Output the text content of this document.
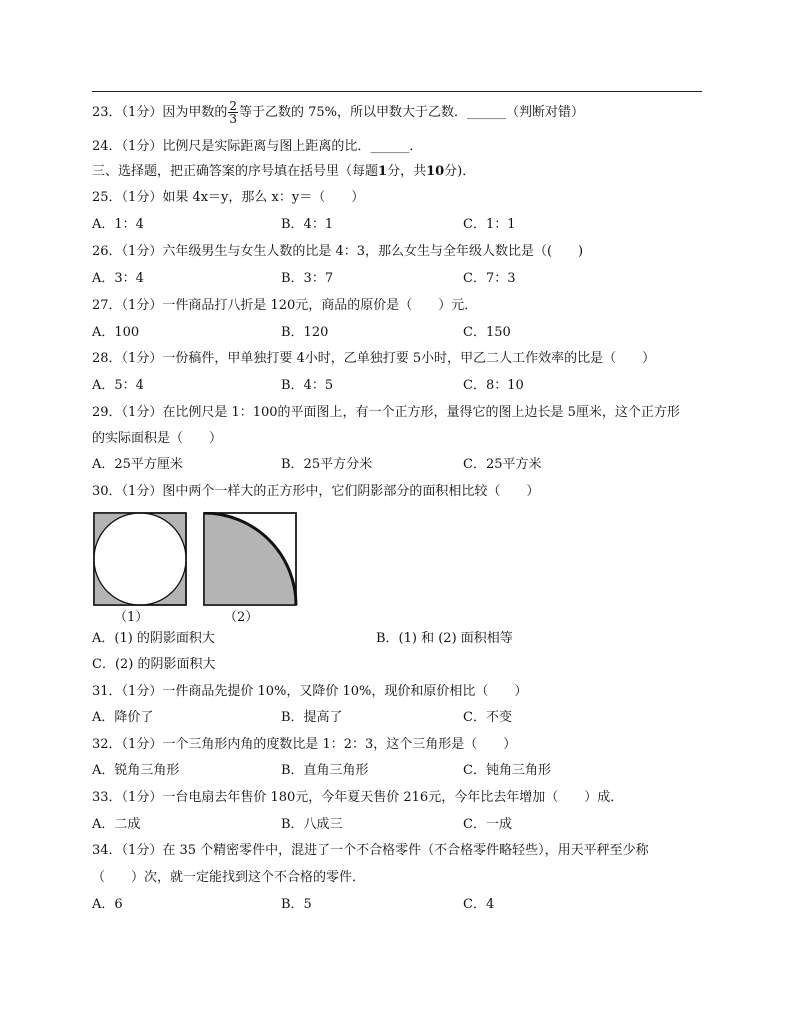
23．（1分）因为甲数的 $\frac{2}{3}$ 等于乙数的 75%，所以甲数大于乙数．______（判断对错）
24．（1分）比例尺是实际距离与图上距离的比．______．
三、选择题，把正确答案的序号填在括号里（每题1分，共10分)．
25．（1分）如果 4x＝y，那么 x：y＝（　　）
A．1：4	B．4：1	C．1：1
26．（1分）六年级男生与女生人数的比是 4：3，那么女生与全年级人数比是（(　　)
A．3：4	B．3：7	C．7：3
27．（1分）一件商品打八折是 120元，商品的原价是（　　）元．
A．100	B．120	C．150
28．（1分）一份稿件，甲单独打要 4小时，乙单独打要 5小时，甲乙二人工作效率的比是（　　）
A．5：4	B．4：5	C．8：10
29．（1分）在比例尺是 1：100的平面图上，有一个正方形，量得它的图上边长是 5厘米，这个正方形
的实际面积是（　　）
A．25平方厘米	B．25平方分米	C．25平方米
30．（1分）图中两个一样大的正方形中，它们阴影部分的面积相比较（　　）
（1）	（2）
A．(1) 的阴影面积大	B．(1) 和 (2) 面积相等
C．(2) 的阴影面积大
31．（1分）一件商品先提价 10%，又降价 10%，现价和原价相比（　　）
A．降价了	B．提高了	C．不变
32．（1分）一个三角形内角的度数比是 1：2：3，这个三角形是（　　）
A．锐角三角形	B．直角三角形	C．钝角三角形
33．（1分）一台电扇去年售价 180元，今年夏天售价 216元，今年比去年增加（　　）成．
A．二成	B．八成三	C．一成
34．（1分）在 35 个精密零件中，混进了一个不合格零件（不合格零件略轻些），用天平秤至少称
（　　）次，就一定能找到这个不合格的零件．
A．6	B．5	C．4
